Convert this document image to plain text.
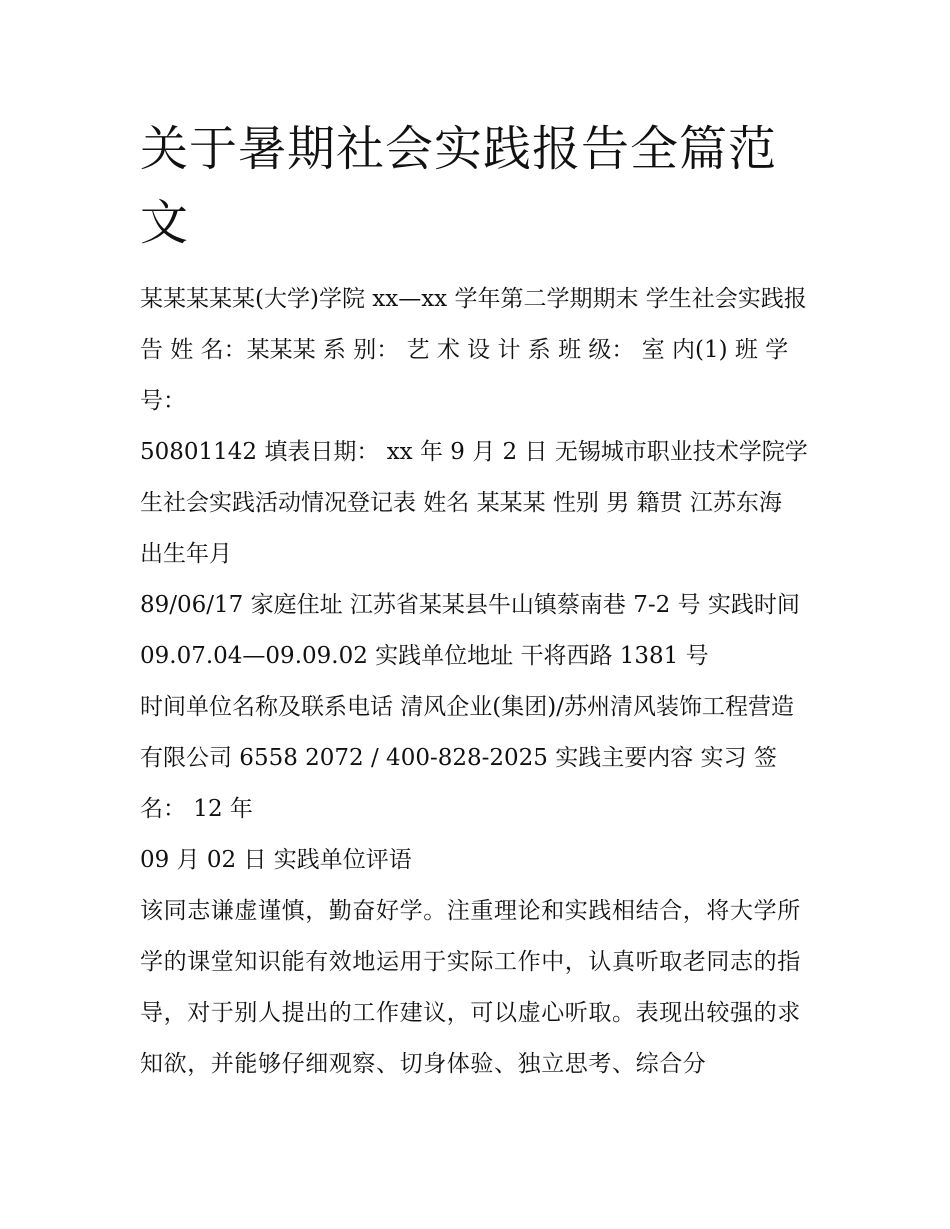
关于暑期社会实践报告全篇范文

某某某某某(大学)学院 xx—xx 学年第二学期期末 学生社会实践报告 姓 名：某某某 系 别： 艺 术 设 计 系 班 级： 室 内(1) 班 学 号：

50801142 填表日期： xx 年 9 月 2 日 无锡城市职业技术学院学生社会实践活动情况登记表 姓名 某某某 性别 男 籍贯 江苏东海 出生年月

89/06/17 家庭住址 江苏省某某县牛山镇蔡南巷 7-2 号 实践时间 09.07.04—09.09.02 实践单位地址 干将西路 1381 号

时间单位名称及联系电话 清风企业(集团)/苏州清风装饰工程营造有限公司 6558 2072 / 400-828-2025 实践主要内容 实习 签名： 12 年

09 月 02 日 实践单位评语

该同志谦虚谨慎，勤奋好学。注重理论和实践相结合，将大学所学的课堂知识能有效地运用于实际工作中，认真听取老同志的指导，对于别人提出的工作建议，可以虚心听取。表现出较强的求知欲，并能够仔细观察、切身体验、独立思考、综合分
